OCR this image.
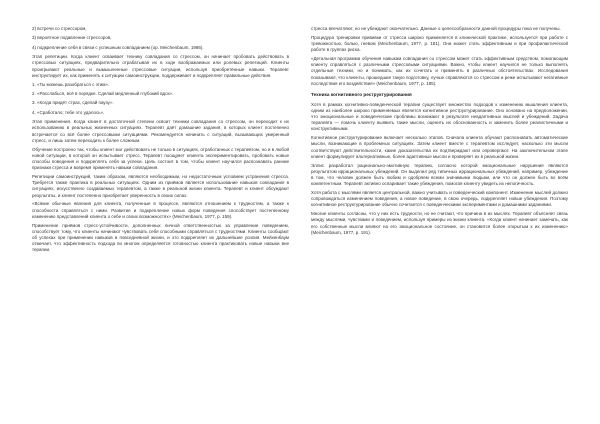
2) встречи со стрессором,

3) вероятное подавление стрессоров,

4) подкрепление себя в связи с успешным совладанием (op. Meichenbaum, 1986).

Этап репетиции. Когда клиент осваивает технику совладания со стрессом, он начинает пробовать действовать в стрессовых ситуациях, предварительно отрабатывая их в ходе воображаемых или ролевых репетиций. Клиенты проигрывают реальные и вымышленные стрессовые ситуации, используя приобретённые навыки. Терапевт инструктирует их, как применять к ситуации самоинструкции, поддерживает и подкрепляет правильные действия.

1. «Ты можешь разобраться с этим».

2. «Расслабься, всё в порядке. Сделай медленный глубокий вдох».

3. «Когда придёт страх, сделай паузу».

4. «Сработало; тебе это удалось».

Этап применения. Когда клиент в достаточной степени освоит техники совладания со стрессом, он переходит к их использованию в реальных жизненных ситуациях. Терапевт даёт домашние задания, в которых клиент постепенно встречается со всё более стрессовыми ситуациями. Рекомендуется начинать с ситуаций, вызывающих умеренный стресс, и лишь затем переходить к более сложным.

Обучение построено так, чтобы клиент мог действовать не только в ситуациях, отработанных с терапевтом, но и в любой новой ситуации, в которой он испытывает стресс. Терапевт поощряет клиента экспериментировать, пробовать новые способы поведения и подкреплять себя за успехи. Цель состоит в том, чтобы клиент научился распознавать ранние признаки стресса и вовремя применять навыки совладания.

Репетиции самоинструкций, таким образом, являются необходимым, но недостаточным условием устранения стресса. Требуется также практика в реальных ситуациях. Одним из приёмов является использование навыков совладания в ситуациях, искусственно создаваемых терапевтом, а также в реальной жизни клиента. Терапевт и клиент обсуждают результаты, и клиент постепенно приобретает уверенность в своих силах.

«Всякие обычные явления для клиента, полученные в процессе, являются отношением к трудностям, а также к способности справляться с ними. Развитие и подкрепление новых форм поведения способствует постепенному изменению представлений клиента о себе и своих возможностях» (Meichenbaum, 1977, p. 159).

Применение приёмов стресс-устойчивости, дополненных личной ответственностью за управление поведением, способствует тому, что клиенты начинают чувствовать себя способными справляться с трудностями. Клиенты сообщают об успехах при применении навыков в повседневной жизни, и это подкрепляет их дальнейшие усилия. Мейхенбаум отмечает, что эффективность подхода во многом определяется готовностью клиента практиковать новые навыки вне терапии.

стресса впечатляют, но не убеждают окончательно. Данные о целесообразности данной процедуры пока не получены.

Процедура тренировки прививки от стресса широко применяется в клинической практике, используется при работе с тревожностью, болью, гневом (Meichenbaum, 1977, p. 181). Она может стать эффективным и при профилактической работе в группах риска.

«Детальная программа обучения навыкам совладания со стрессом может стать эффективным средством, помогающим клиенту справляться с различными стрессовыми ситуациями. Важно, чтобы клиент научился не только выполнять отдельные техники, но и понимать, как их сочетать и применять в различных обстоятельствах. Исследования показывают, что клиенты, прошедшие такую подготовку, лучше справляются со стрессом и реже испытывают негативные последствия его воздействия» (Meichenbaum, 1977, p. 185).

Техника когнитивного реструктурирования

Хотя в рамках когнитивно-поведенческой терапии существует множество подходов к изменению мышления клиента, одним из наиболее широко применяемых является когнитивное реструктурирование. Оно основано на предположении, что эмоциональные и поведенческие проблемы возникают в результате неадаптивных мыслей и убеждений. Задача терапевта — помочь клиенту выявить такие мысли, оценить их обоснованность и заменить более реалистичными и конструктивными.

Когнитивное реструктурирование включает несколько этапов. Сначала клиента обучают распознавать автоматические мысли, возникающие в проблемных ситуациях. Затем клиент вместе с терапевтом исследует, насколько эти мысли соответствуют действительности, какие доказательства их подтверждают или опровергают. На заключительном этапе клиент формулирует альтернативные, более адаптивные мысли и проверяет их в реальной жизни.

Эллис разработал рационально-эмотивную терапию, согласно которой эмоциональные нарушения являются результатом иррациональных убеждений. Он выделил ряд типичных иррациональных убеждений, например, убеждение в том, что человек должен быть любим и одобряем всеми значимыми людьми, или что он должен быть во всём компетентным. Терапевт активно оспаривает такие убеждения, помогая клиенту увидеть их нелогичность.

Хотя работа с мыслями является центральной, важно учитывать и поведенческий компонент. Изменение мыслей должно сопровождаться изменением поведения, а новое поведение, в свою очередь, подкрепляет новые убеждения. Поэтому когнитивное реструктурирование обычно сочетается с поведенческими экспериментами и домашними заданиями.

Многие клиенты согласны, что у них есть трудности, но не считают, что причина в их мыслях. Терапевт объясняет связь между мыслями, чувствами и поведением, используя примеры из жизни клиента. «Когда клиент начинает замечать, как его собственные мысли влияют на его эмоциональное состояние, он становится более открытым к их изменению» (Meichenbaum, 1977, p. 191).
